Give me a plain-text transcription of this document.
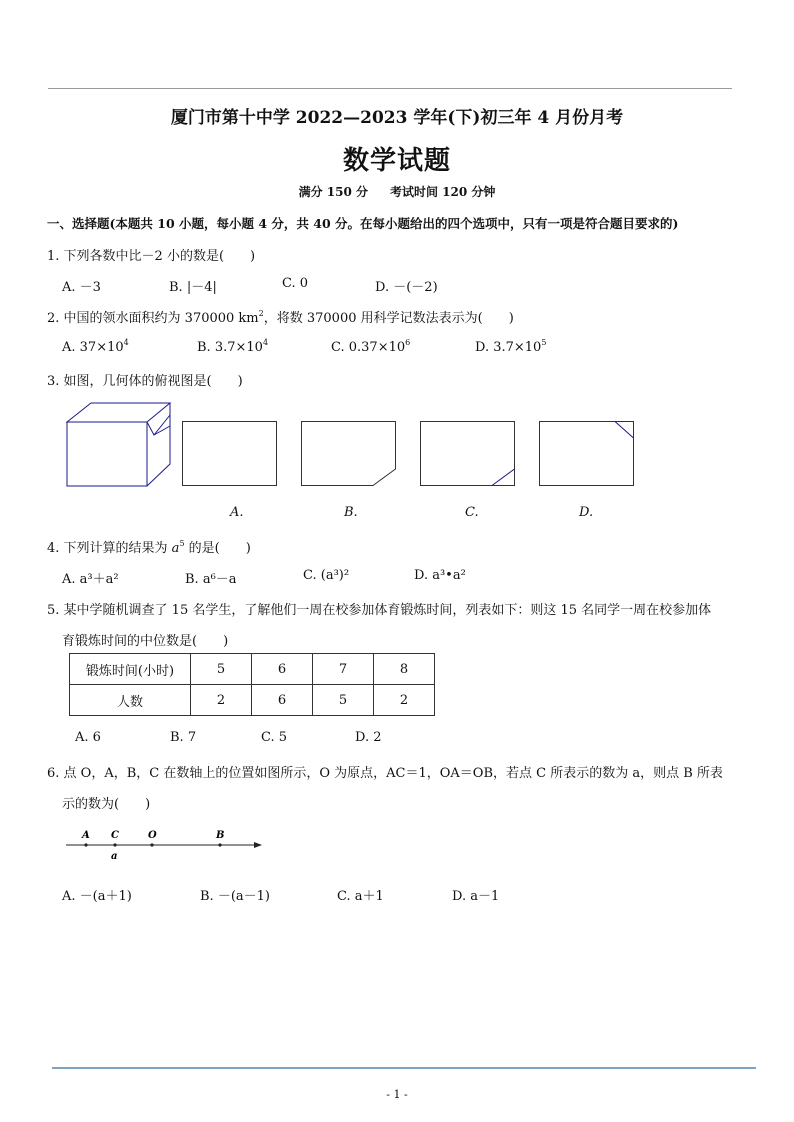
厦门市第十中学 2022—2023 学年(下)初三年 4 月份月考
数学试题
满分 150 分 考试时间 120 分钟
一、选择题(本题共 10 小题，每小题 4 分，共 40 分。在每小题给出的四个选项中，只有一项是符合题目要求的)
1. 下列各数中比－2 小的数是(　　)
A. －3	B. |－4|	C. 0	D. －(－2)
2. 中国的领水面积约为 370000 $km^2$，将数 370000 用科学记数法表示为(　　)
A. $37\times 10^4$	B. $3.7\times 10^4$	C. $0.37\times 10^6$	D. $3.7\times 10^5$
3. 如图，几何体的俯视图是(　　)
A.	B.	C.	D.
4. 下列计算的结果为 $a^5$ 的是(　　)
A. a³＋a²	B. a⁶－a	C. (a³)²	D. a³•a²
5. 某中学随机调查了 15 名学生，了解他们一周在校参加体育锻炼时间，列表如下：则这 15 名同学一周在校参加体
育锻炼时间的中位数是(　　)
锻炼时间(小时)	5	6	7	8
人数	2	6	5	2
A. 6	B. 7	C. 5	D. 2
6. 点 O，A，B，C 在数轴上的位置如图所示，O 为原点，AC＝1，OA＝OB，若点 C 所表示的数为 a，则点 B 所表
示的数为(　　)
A C	O	B
a
A. －(a＋1)	B. －(a－1)	C. a＋1	D. a－1
- 1 -
